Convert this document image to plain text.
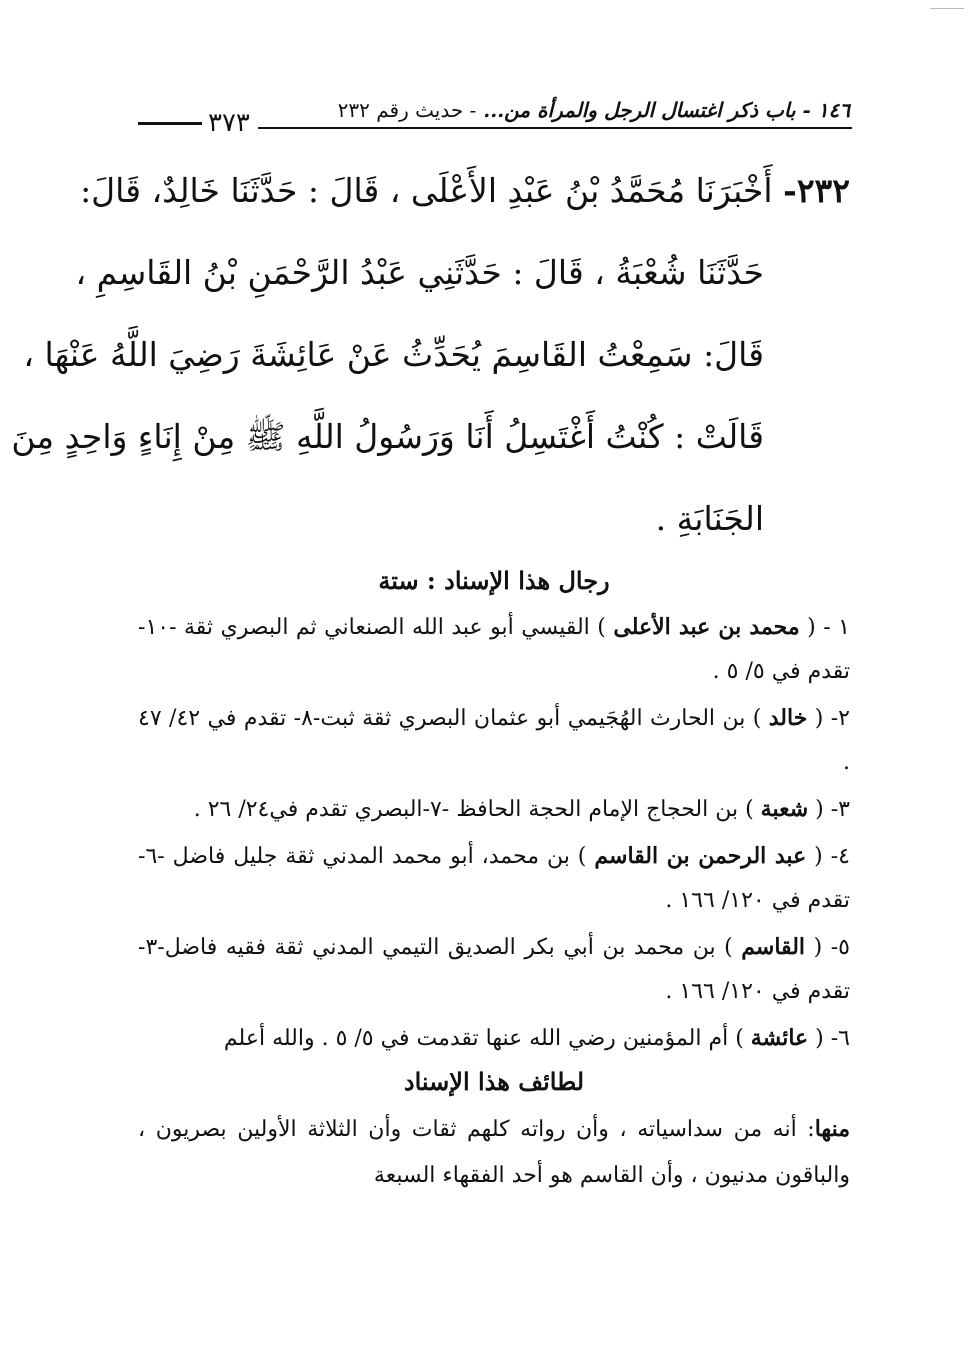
١٤٦ - باب ذكر اغتسال الرجل والمرأة من... - حديث رقم ٢٣٢
٣٧٣

٢٣٢- أَخْبَرَنَا مُحَمَّدُ بْنُ عَبْدِ الأَعْلَى ، قَالَ : حَدَّثَنَا خَالِدٌ، قَالَ:

حَدَّثَنَا شُعْبَةُ ، قَالَ : حَدَّثَنِي عَبْدُ الرَّحْمَنِ بْنُ القَاسِمِ ،

قَالَ: سَمِعْتُ القَاسِمَ يُحَدِّثُ عَنْ عَائِشَةَ رَضِيَ اللَّهُ عَنْهَا ،

قَالَتْ : كُنْتُ أَغْتَسِلُ أَنَا وَرَسُولُ اللَّهِ ﷺ مِنْ إِنَاءٍ وَاحِدٍ مِنَ

الجَنَابَةِ .

رجال هذا الإسناد : ستة

١ - ( محمد بن عبد الأعلى ) القيسي أبو عبد الله الصنعاني ثم البصري ثقة -١٠- تقدم في ٥/ ٥ .

٢- ( خالد ) بن الحارث الهُجَيمي أبو عثمان البصري ثقة ثبت-٨- تقدم في ٤٢/ ٤٧ .

٣- ( شعبة ) بن الحجاج الإمام الحجة الحافظ -٧-البصري تقدم في٢٤/ ٢٦ .

٤- ( عبد الرحمن بن القاسم ) بن محمد، أبو محمد المدني ثقة جليل فاضل -٦- تقدم في ١٢٠/ ١٦٦ .

٥- ( القاسم ) بن محمد بن أبي بكر الصديق التيمي المدني ثقة فقيه فاضل-٣- تقدم في ١٢٠/ ١٦٦ .

٦- ( عائشة ) أم المؤمنين رضي الله عنها تقدمت في ٥/ ٥ . والله أعلم

لطائف هذا الإسناد

منها: أنه من سداسياته ، وأن رواته كلهم ثقات وأن الثلاثة الأولين بصريون ، والباقون مدنيون ، وأن القاسم هو أحد الفقهاء السبعة
